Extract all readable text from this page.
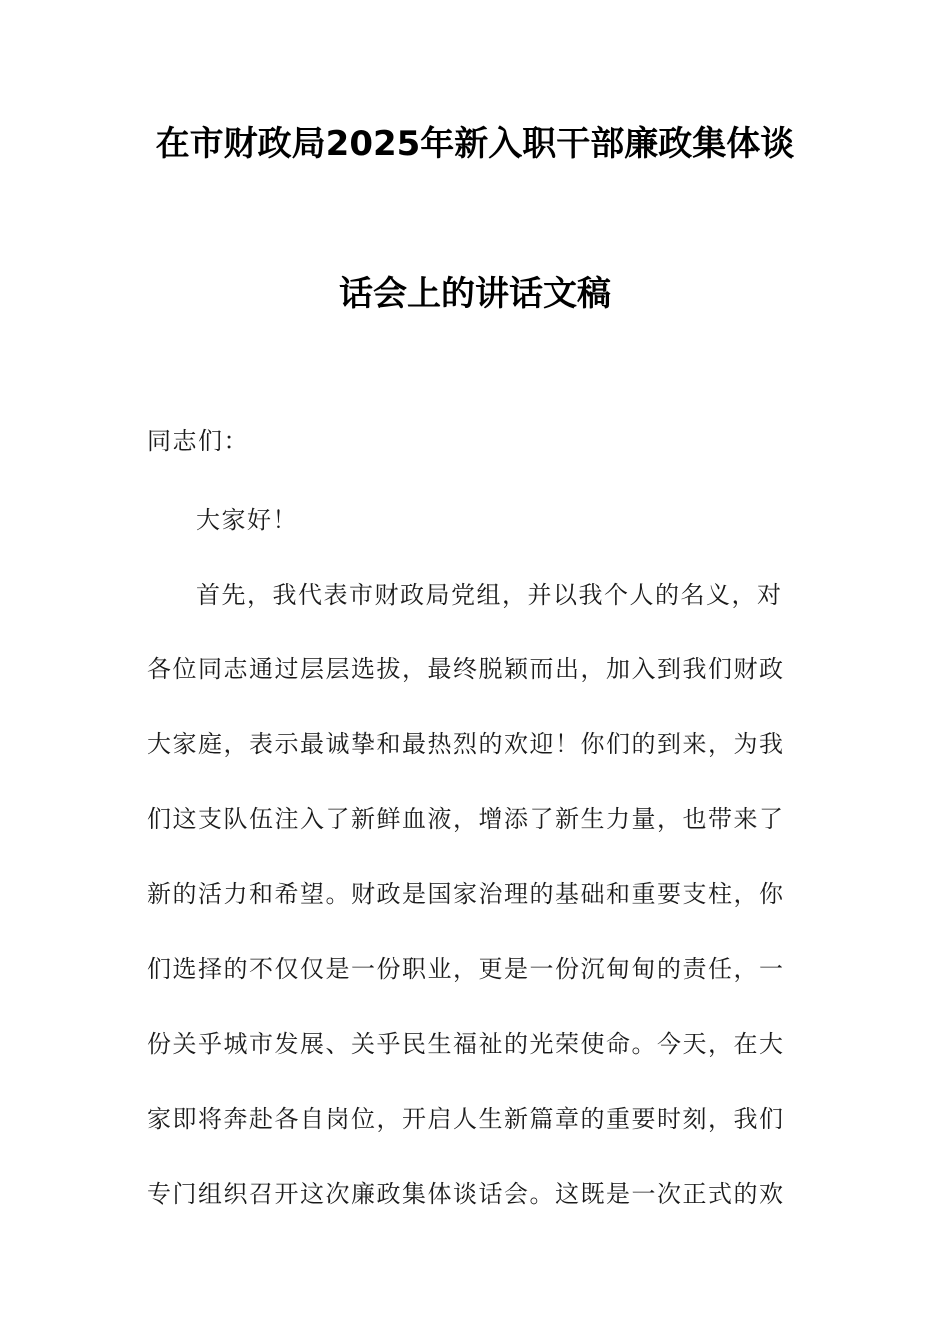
在市财政局2025年新入职干部廉政集体谈
话会上的讲话文稿
同志们：
大家好！
首先，我代表市财政局党组，并以我个人的名义，对
各位同志通过层层选拔，最终脱颖而出，加入到我们财政
大家庭，表示最诚挚和最热烈的欢迎！你们的到来，为我
们这支队伍注入了新鲜血液，增添了新生力量，也带来了
新的活力和希望。财政是国家治理的基础和重要支柱，你
们选择的不仅仅是一份职业，更是一份沉甸甸的责任，一
份关乎城市发展、关乎民生福祉的光荣使命。今天，在大
家即将奔赴各自岗位，开启人生新篇章的重要时刻，我们
专门组织召开这次廉政集体谈话会。这既是一次正式的欢
